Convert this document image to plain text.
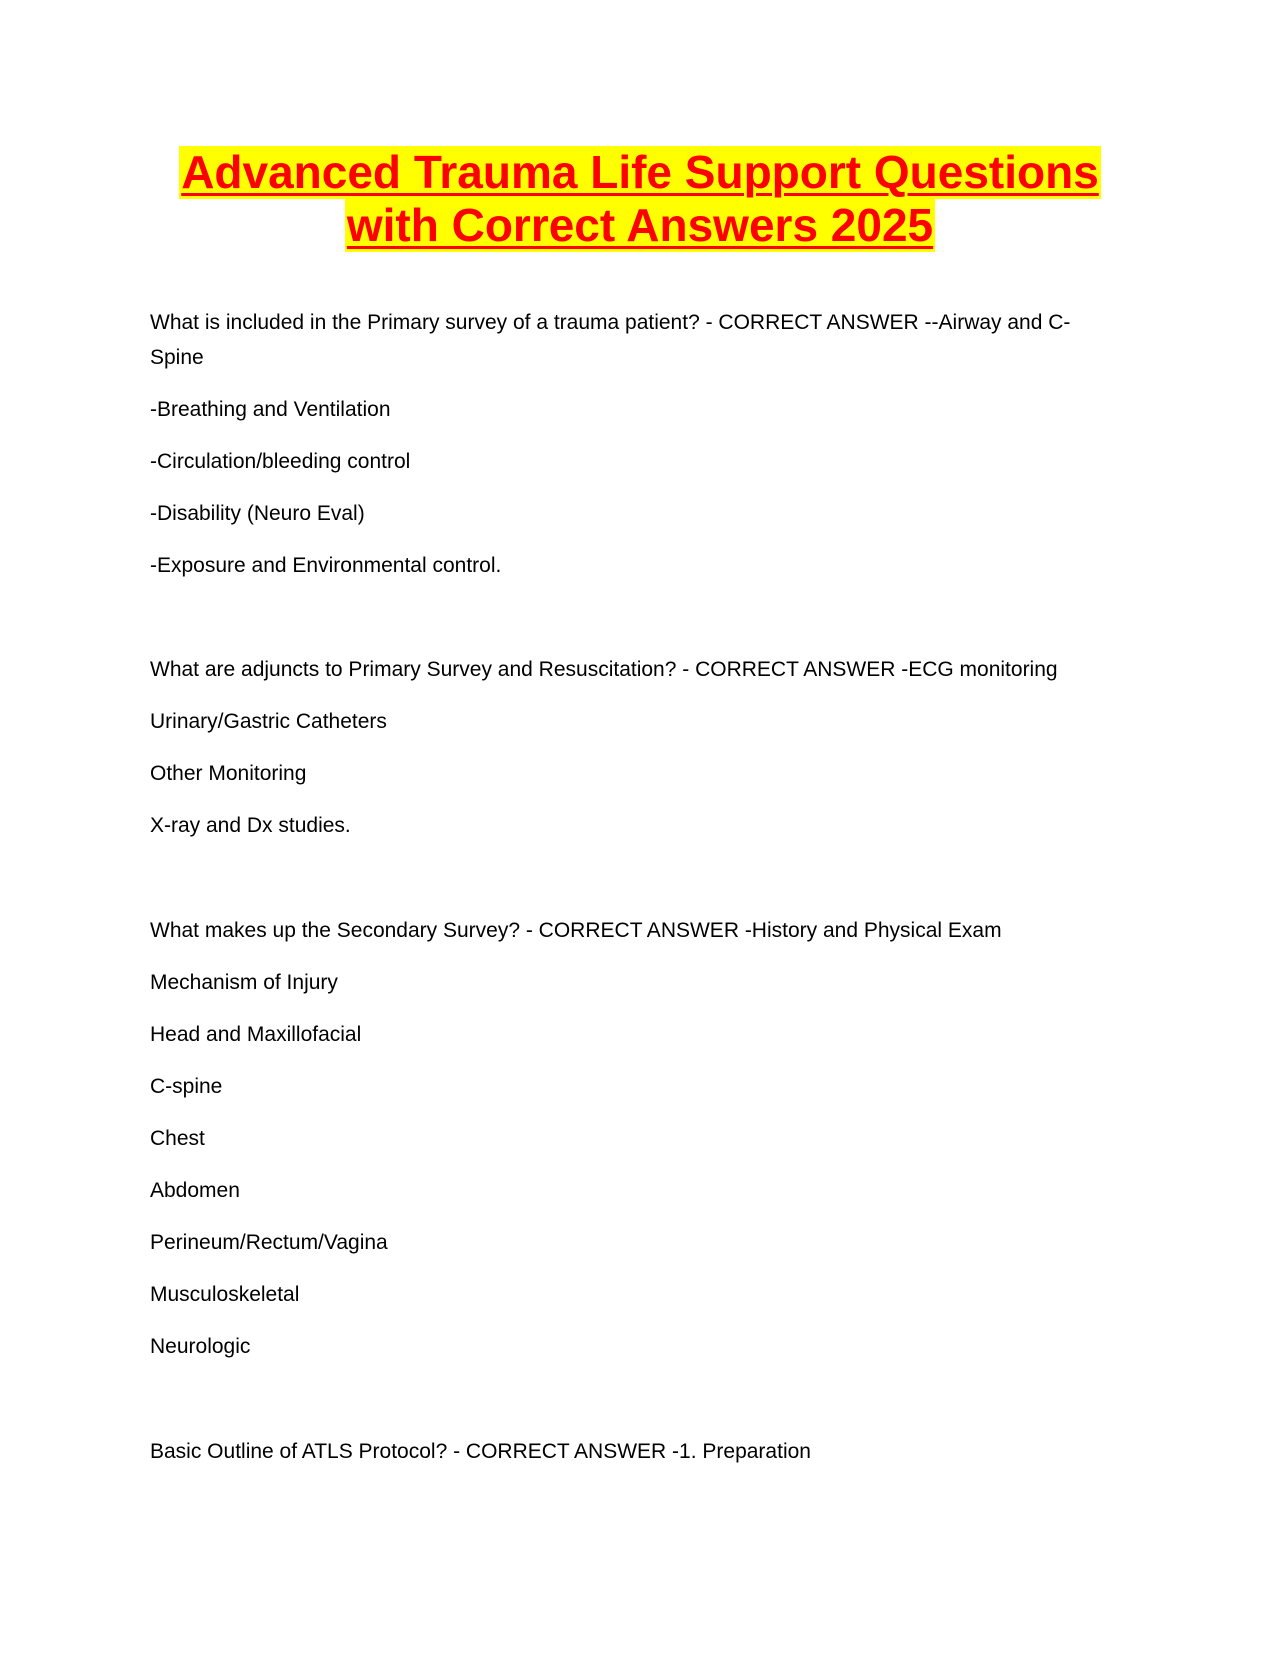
Advanced Trauma Life Support Questions
with Correct Answers 2025
What is included in the Primary survey of a trauma patient? - CORRECT ANSWER --Airway and C-
Spine
-Breathing and Ventilation
-Circulation/bleeding control
-Disability (Neuro Eval)
-Exposure and Environmental control.
What are adjuncts to Primary Survey and Resuscitation? - CORRECT ANSWER -ECG monitoring
Urinary/Gastric Catheters
Other Monitoring
X-ray and Dx studies.
What makes up the Secondary Survey? - CORRECT ANSWER -History and Physical Exam
Mechanism of Injury
Head and Maxillofacial
C-spine
Chest
Abdomen
Perineum/Rectum/Vagina
Musculoskeletal
Neurologic
Basic Outline of ATLS Protocol? - CORRECT ANSWER -1. Preparation
